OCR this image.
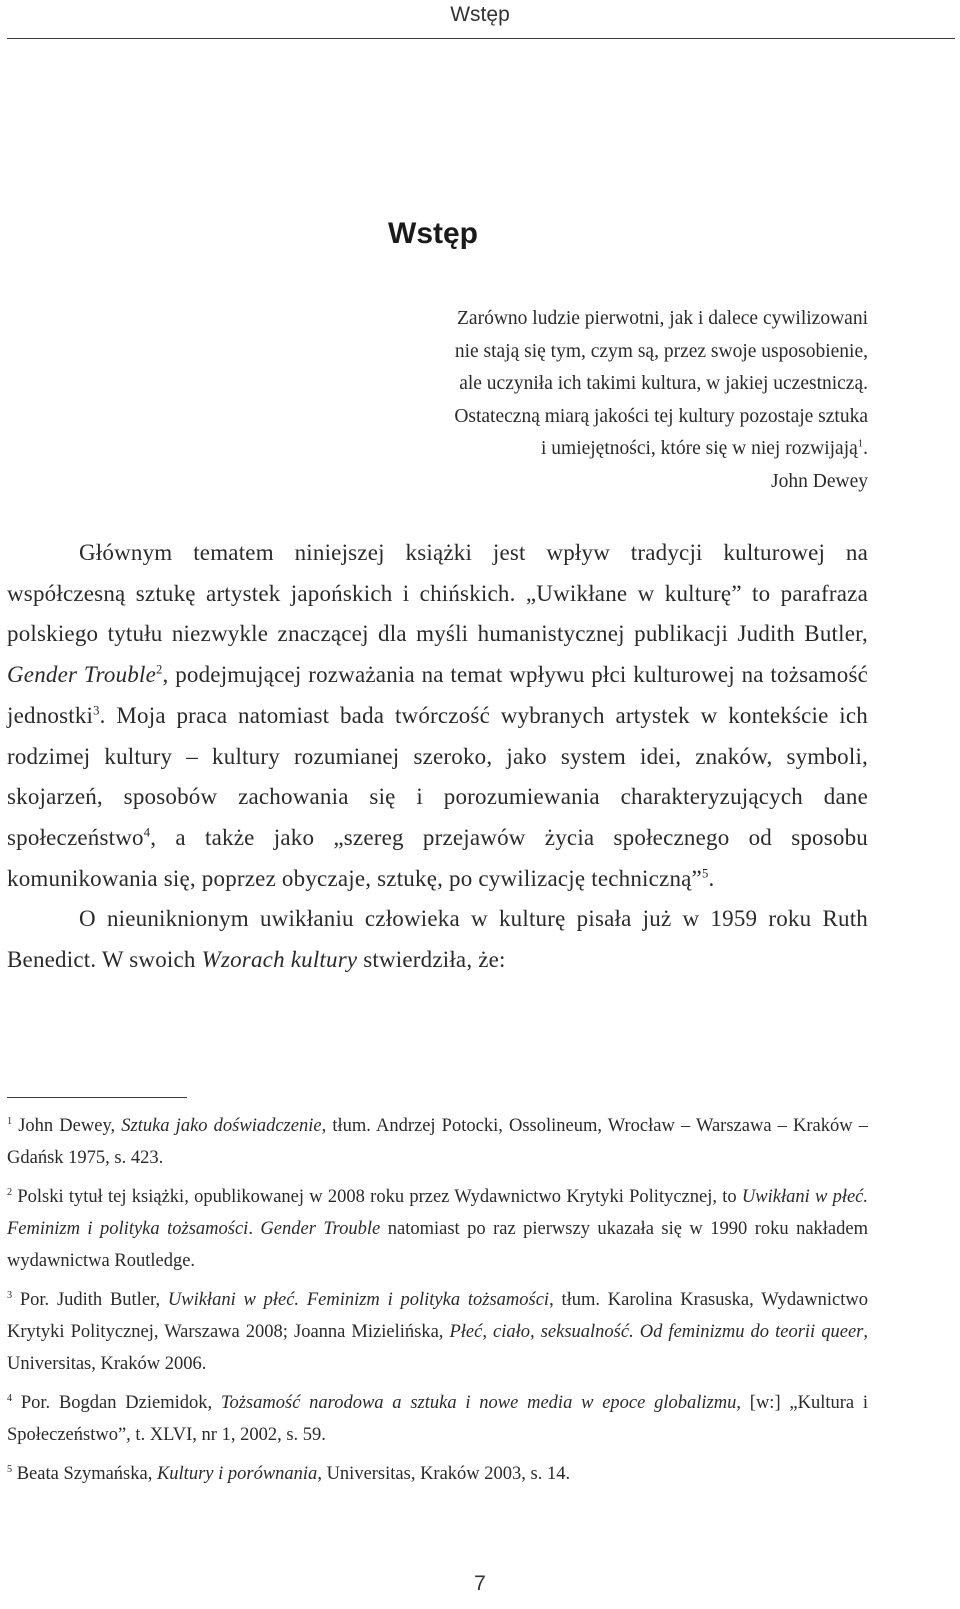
Wstęp
Wstęp
Zarówno ludzie pierwotni, jak i dalece cywilizowani
nie stają się tym, czym są, przez swoje usposobienie,
ale uczyniła ich takimi kultura, w jakiej uczestniczą.
Ostateczną miarą jakości tej kultury pozostaje sztuka
i umiejętności, które się w niej rozwijają$^1$.
John Dewey

Głównym tematem niniejszej książki jest wpływ tradycji kulturowej na współczesną sztukę artystek japońskich i chińskich. „Uwikłane w kulturę” to parafraza polskiego tytułu niezwykle znaczącej dla myśli humanistycznej publikacji Judith Butler, Gender Trouble$^2$, podejmującej rozważania na temat wpływu płci kulturowej na tożsamość jednostki$^3$. Moja praca natomiast bada twórczość wybranych artystek w kontekście ich rodzimej kultury – kultury rozumianej szeroko, jako system idei, znaków, symboli, skojarzeń, sposobów zachowania się i porozumiewania charakteryzujących dane społeczeństwo$^4$, a także jako „szereg przejawów życia społecznego od sposobu komunikowania się, poprzez obyczaje, sztukę, po cywilizację techniczną”$^5$.

O nieuniknionym uwikłaniu człowieka w kulturę pisała już w 1959 roku Ruth Benedict. W swoich Wzorach kultury stwierdziła, że:

$^1$ John Dewey, Sztuka jako doświadczenie, tłum. Andrzej Potocki, Ossolineum, Wrocław – Warszawa – Kraków – Gdańsk 1975, s. 423.

$^2$ Polski tytuł tej książki, opublikowanej w 2008 roku przez Wydawnictwo Krytyki Politycznej, to Uwikłani w płeć. Feminizm i polityka tożsamości. Gender Trouble natomiast po raz pierwszy ukazała się w 1990 roku nakładem wydawnictwa Routledge.

$^3$ Por. Judith Butler, Uwikłani w płeć. Feminizm i polityka tożsamości, tłum. Karolina Krasuska, Wydawnictwo Krytyki Politycznej, Warszawa 2008; Joanna Mizielińska, Płeć, ciało, seksualność. Od feminizmu do teorii queer, Universitas, Kraków 2006.

$^4$ Por. Bogdan Dziemidok, Tożsamość narodowa a sztuka i nowe media w epoce globalizmu, [w:] „Kultura i Społeczeństwo”, t. XLVI, nr 1, 2002, s. 59.

$^5$ Beata Szymańska, Kultury i porównania, Universitas, Kraków 2003, s. 14.

7
